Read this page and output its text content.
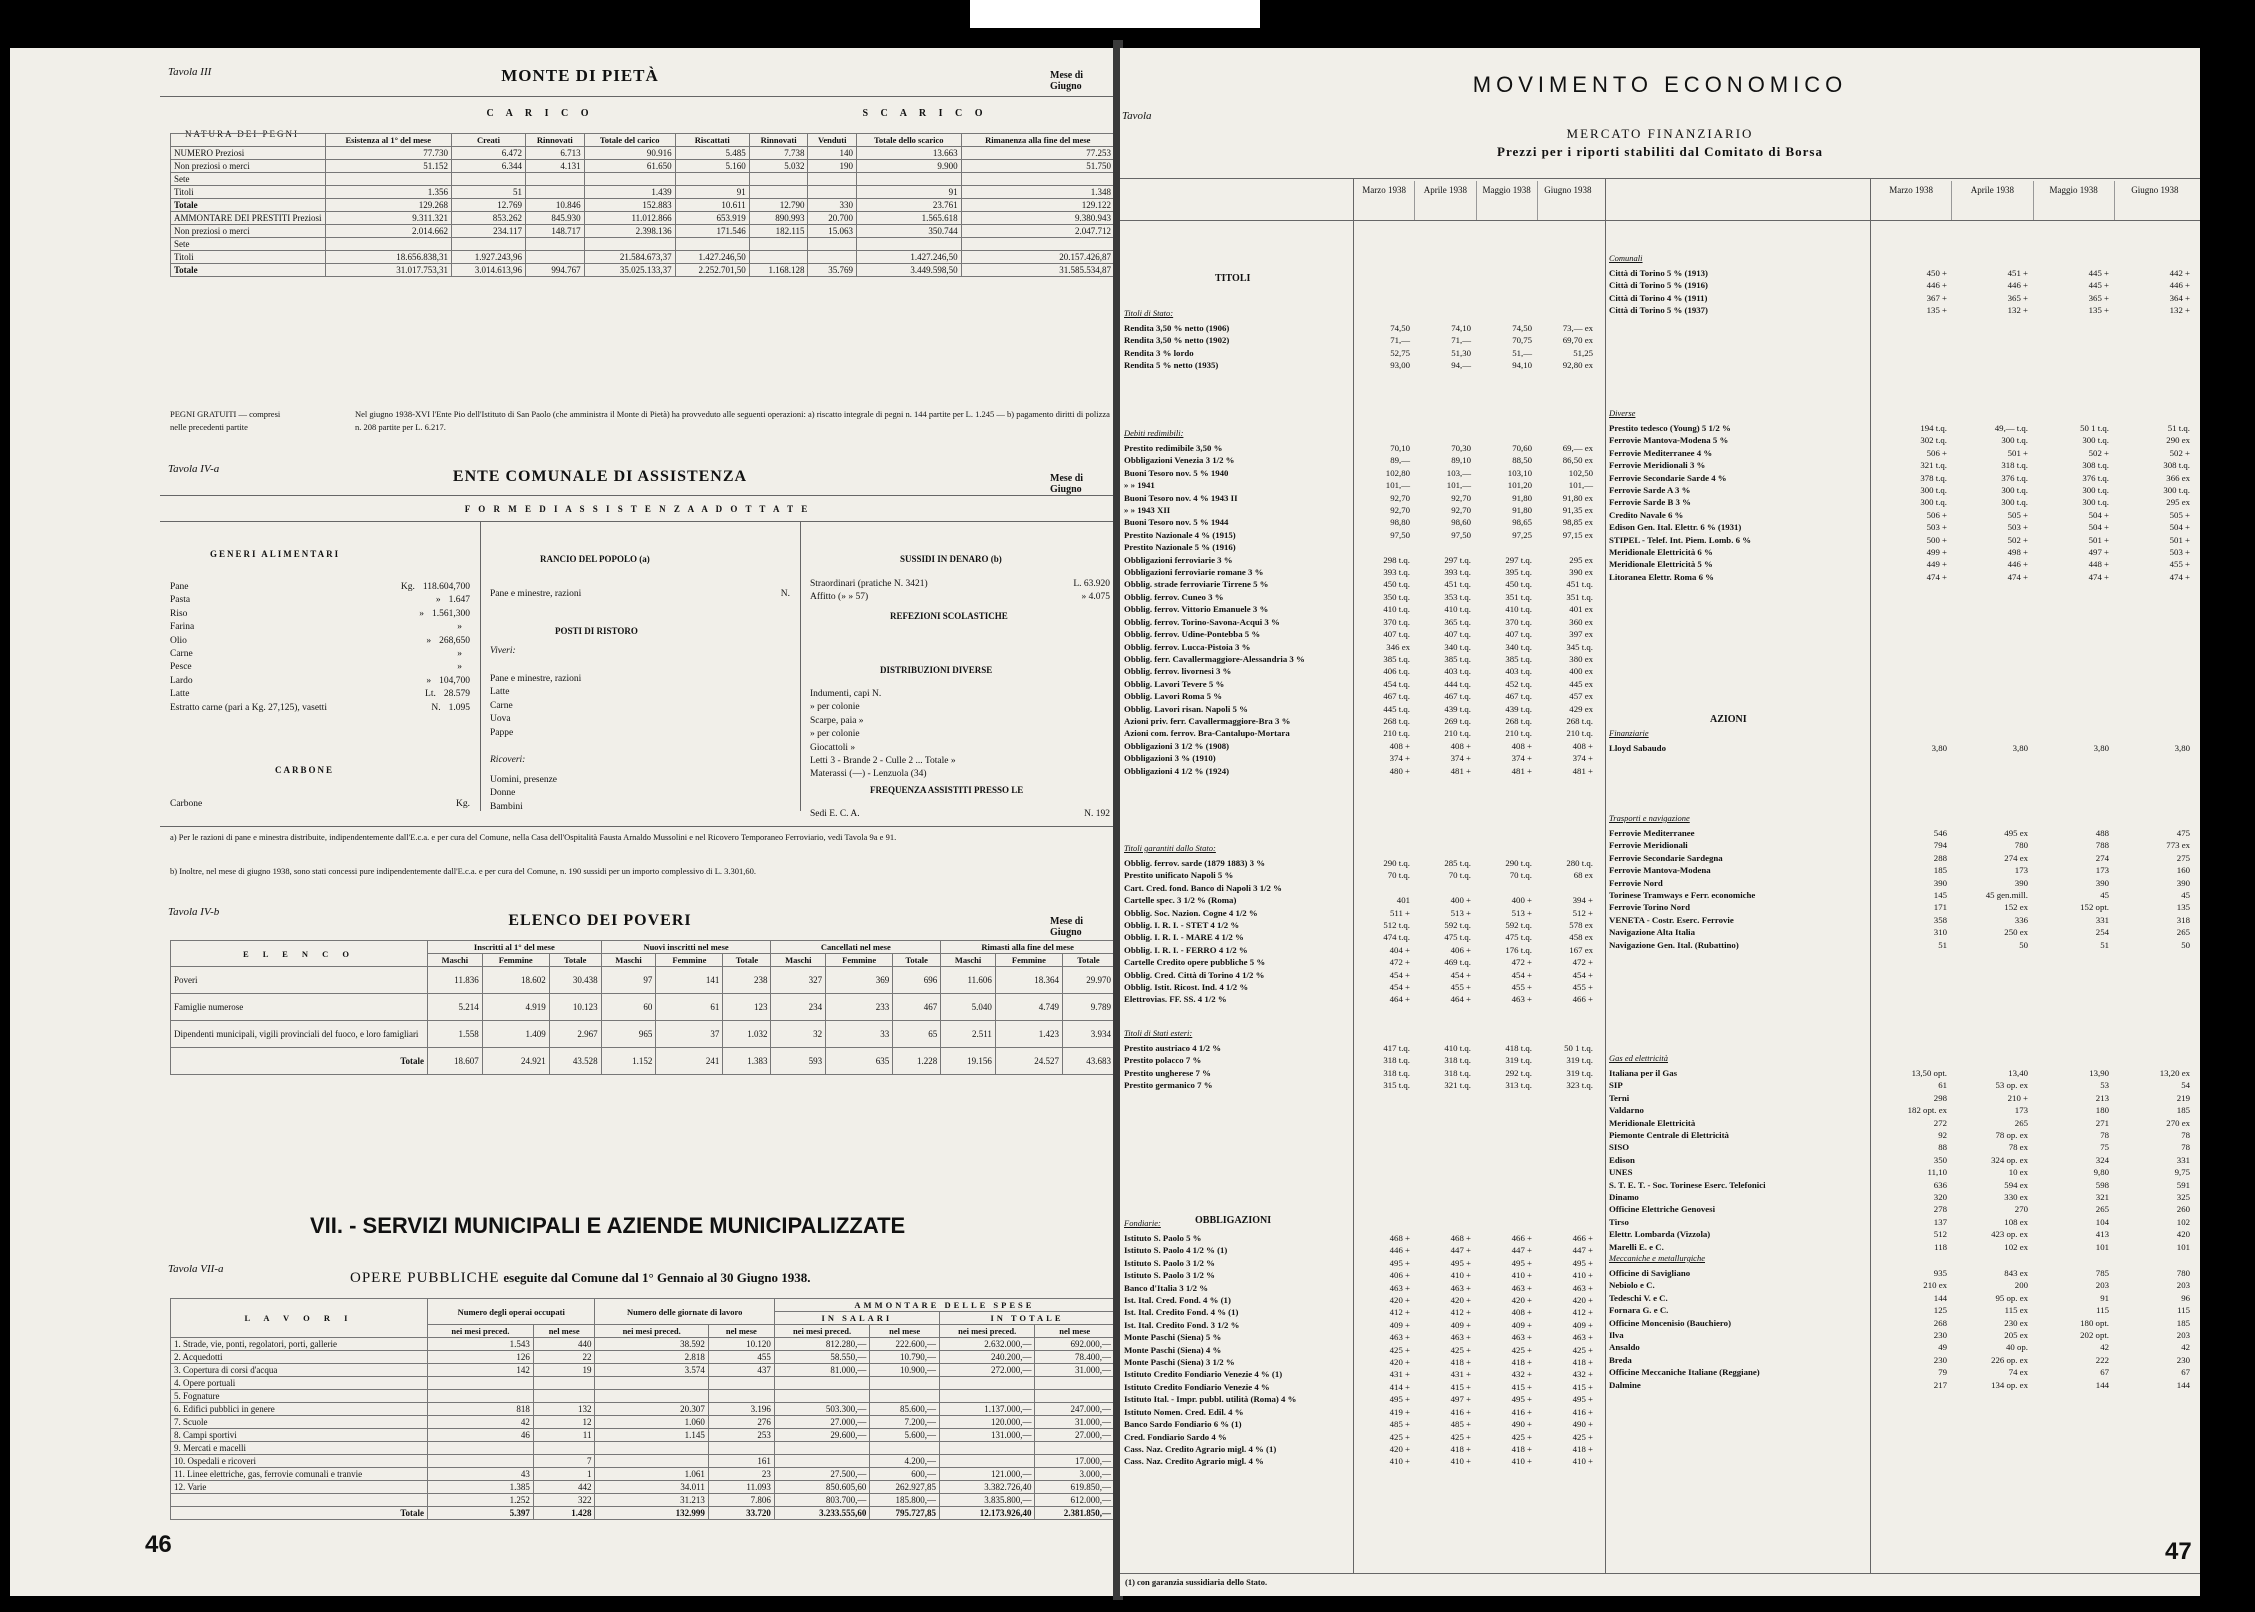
Tavola III	MONTE DI PIETÀ	Mese di Giugno
NATURA DEI PEGNI
C A R I C O	S C A R I C O
	Esistenza al 1° del mese	Creati	Rinnovati	Totale del carico	Riscattati	Rinnovati	Venduti	Totale dello scarico	Rimanenza alla fine del mese
NUMERO Preziosi	77.730	6.472	6.713	90.916	5.485	7.738	140	13.663	77.253
Non preziosi o merci	51.152	6.344	4.131	61.650	5.160	5.032	190	9.900	51.750
Sete									
Titoli	1.356	51		1.439	91			91	1.348
Totale	129.268	12.769	10.846	152.883	10.611	12.790	330	23.761	129.122
AMMONTARE DEI PRESTITI Preziosi	9.311.321	853.262	845.930	11.012.866	653.919	890.993	20.700	1.565.618	9.380.943
Non preziosi o merci	2.014.662	234.117	148.717	2.398.136	171.546	182.115	15.063	350.744	2.047.712
Sete									
Titoli	18.656.838,31	1.927.243,96		21.584.673,37	1.427.246,50			1.427.246,50	20.157.426,87
Totale	31.017.753,31	3.014.613,96	994.767	35.025.133,37	2.252.701,50	1.168.128	35.769	3.449.598,50	31.585.534,87
PEGNI GRATUITI — compresi nelle precedenti partite
Nel giugno 1938-XVI l'Ente Pio dell'Istituto di San Paolo (che amministra il Monte di Pietà) ha provveduto alle seguenti operazioni: a) riscatto integrale di pegni n. 144 partite per L. 1.245 — b) pagamento diritti di polizza n. 208 partite per L. 6.217.
Tavola IV-a	ENTE COMUNALE DI ASSISTENZA	Mese di Giugno
F O R M E D I A S S I S T E N Z A A D O T T A T E
GENERI ALIMENTARI
Pane	Kg. 118.604,700
Pasta	» 1.647
Riso	» 1.561,300
Farina	»
Olio	» 268,650
Carne	»
Pesce	»
Lardo	» 104,700
Latte	Lt. 28.579
Estratto carne (pari a Kg. 27,125), vasetti	N. 1.095
CARBONE
Carbone	Kg.
RANCIO DEL POPOLO (a)
Pane e minestre, razioni	N.
POSTI DI RISTORO
Viveri:
Pane e minestre, razioni
Latte
Carne
Uova
Pappe
Ricoveri:
Uomini, presenze
Donne
Bambini
SUSSIDI IN DENARO (b)
Straordinari (pratiche N. 3421)	L. 63.920
Affitto (» » 57)	» 4.075
REFEZIONI SCOLASTICHE
DISTRIBUZIONI DIVERSE
Indumenti, capi N.
» per colonie
Scarpe, paia »
» per colonie
Giocattoli »
Letti 3 - Brande 2 - Culle 2 ... Totale »
Materassi (—) - Lenzuola (34)
FREQUENZA ASSISTITI PRESSO LE
Sedi E. C. A.	N. 192
a) Per le razioni di pane e minestra distribuite, indipendentemente dall'E.c.a. e per cura del Comune, nella Casa dell'Ospitalità Fausta Arnaldo Mussolini e nel Ricovero Temporaneo Ferroviario, vedi Tavola 9a e 91.
b) Inoltre, nel mese di giugno 1938, sono stati concessi pure indipendentemente dall'E.c.a. e per cura del Comune, n. 190 sussidi per un importo complessivo di L. 3.301,60.
Tavola IV-b	ELENCO DEI POVERI	Mese di Giugno
E L E N C O	Inscritti al 1° del mese			Nuovi inscritti nel mese			Cancellati nel mese			Rimasti alla fine del mese		
	Maschi	Femmine	Totale	Maschi	Femmine	Totale	Maschi	Femmine	Totale	Maschi	Femmine	Totale
Poveri	11.836	18.602	30.438	97	141	238	327	369	696	11.606	18.364	29.970
Famiglie numerose	5.214	4.919	10.123	60	61	123	234	233	467	5.040	4.749	9.789
Dipendenti municipali, vigili provinciali del fuoco, e loro famigliari	1.558	1.409	2.967	965	37	1.032	32	33	65	2.511	1.423	3.934
Totale	18.607	24.921	43.528	1.152	241	1.383	593	635	1.228	19.156	24.527	43.683
VII. - SERVIZI MUNICIPALI E AZIENDE MUNICIPALIZZATE
Tavola VII-a
OPERE PUBBLICHE eseguite dal Comune dal 1° Gennaio al 30 Giugno 1938.
L A V O R I	Numero degli operai occupati		Numero delle giornate di lavoro		AMMONTARE DELLE SPESE			
					IN SALARI		IN TOTALE	
	nei mesi preced.	nel mese	nei mesi preced.	nel mese	nei mesi preced.	nel mese	nei mesi preced.	nel mese
1. Strade, vie, ponti, regolatori, porti, gallerie	1.543	440	38.592	10.120	812.280,—	222.600,—	2.632.000,—	692.000,—
2. Acquedotti	126	22	2.818	455	58.550,—	10.790,—	240.200,—	78.400,—
3. Copertura di corsi d'acqua	142	19	3.574	437	81.000,—	10.900,—	272.000,—	31.000,—
4. Opere portuali								
5. Fognature								
6. Edifici pubblici in genere	818	132	20.307	3.196	503.300,—	85.600,—	1.137.000,—	247.000,—
7. Scuole	42	12	1.060	276	27.000,—	7.200,—	120.000,—	31.000,—
8. Campi sportivi	46	11	1.145	253	29.600,—	5.600,—	131.000,—	27.000,—
9. Mercati e macelli								
10. Ospedali e ricoveri		7		161		4.200,—		17.000,—
11. Linee elettriche, gas, ferrovie comunali e tranvie	43	1	1.061	23	27.500,—	600,—	121.000,—	3.000,—
12. Varie	1.385	442	34.011	11.093	850.605,60	262.927,85	3.382.726,40	619.850,—
	1.252	322	31.213	7.806	803.700,—	185.800,—	3.835.800,—	612.000,—
Totale	5.397	1.428	132.999	33.720	3.233.555,60	795.727,85	12.173.926,40	2.381.850,—
46
Tavola
MOVIMENTO ECONOMICO
MERCATO FINANZIARIO
Prezzi per i riporti stabiliti dal Comitato di Borsa
Marzo 1938	Aprile 1938	Maggio 1938	Giugno 1938	Marzo 1938	Aprile 1938	Maggio 1938	Giugno 1938
TITOLI
OBBLIGAZIONI
AZIONI
Titoli di Stato:
Rendita 3,50 % netto (1906)	74,50	74,10	74,50	73,— ex
Rendita 3,50 % netto (1902)	71,—	71,—	70,75	69,70 ex
Rendita 3 % lordo	52,75	51,30	51,—	51,25
Rendita 5 % netto (1935)	93,00	94,—	94,10	92,80 ex
Debiti redimibili:
Prestito redimibile 3,50 %	70,10	70,30	70,60	69,— ex
Obbligazioni Venezia 3 1/2 %	89,—	89,10	88,50	86,50 ex
Buoni Tesoro nov. 5 % 1940	102,80	103,—	103,10	102,50
» » 1941	101,—	101,—	101,20	101,—
Buoni Tesoro nov. 4 % 1943 II	92,70	92,70	91,80	91,80 ex
» » 1943 XII	92,70	92,70	91,80	91,35 ex
Buoni Tesoro nov. 5 % 1944	98,80	98,60	98,65	98,85 ex
Prestito Nazionale 4 % (1915)	97,50	97,50	97,25	97,15 ex
Prestito Nazionale 5 % (1916)
Obbligazioni ferroviarie 3 %	298 t.q.	297 t.q.	297 t.q.	295 ex
Obbligazioni ferroviarie romane 3 %	393 t.q.	393 t.q.	395 t.q.	390 ex
Obblig. strade ferroviarie Tirrene 5 %	450 t.q.	451 t.q.	450 t.q.	451 t.q.
Obblig. ferrov. Cuneo 3 %	350 t.q.	353 t.q.	351 t.q.	351 t.q.
Obblig. ferrov. Vittorio Emanuele 3 %	410 t.q.	410 t.q.	410 t.q.	401 ex
Obblig. ferrov. Torino-Savona-Acqui 3 %	370 t.q.	365 t.q.	370 t.q.	360 ex
Obblig. ferrov. Udine-Pontebba 5 %	407 t.q.	407 t.q.	407 t.q.	397 ex
Obblig. ferrov. Lucca-Pistoia 3 %	346 ex	340 t.q.	340 t.q.	345 t.q.
Obblig. ferr. Cavallermaggiore-Alessandria 3 %	385 t.q.	385 t.q.	385 t.q.	380 ex
Obblig. ferrov. livornesi 3 %	406 t.q.	403 t.q.	403 t.q.	400 ex
Obblig. Lavori Tevere 5 %	454 t.q.	444 t.q.	452 t.q.	445 ex
Obblig. Lavori Roma 5 %	467 t.q.	467 t.q.	467 t.q.	457 ex
Obblig. Lavori risan. Napoli 5 %	445 t.q.	439 t.q.	439 t.q.	429 ex
Azioni priv. ferr. Cavallermaggiore-Bra 3 %	268 t.q.	269 t.q.	268 t.q.	268 t.q.
Azioni com. ferrov. Bra-Cantalupo-Mortara	210 t.q.	210 t.q.	210 t.q.	210 t.q.
Obbligazioni 3 1/2 % (1908)	408 +	408 +	408 +	408 +
Obbligazioni 3 % (1910)	374 +	374 +	374 +	374 +
Obbligazioni 4 1/2 % (1924)	480 +	481 +	481 +	481 +
Titoli garantiti dallo Stato:
Obblig. ferrov. sarde (1879 1883) 3 %	290 t.q.	285 t.q.	290 t.q.	280 t.q.
Prestito unificato Napoli 5 %	70 t.q.	70 t.q.	70 t.q.	68 ex
Cart. Cred. fond. Banco di Napoli 3 1/2 %
Cartelle spec. 3 1/2 % (Roma)	401	400 +	400 +	394 +
Obblig. Soc. Nazion. Cogne 4 1/2 %	511 +	513 +	513 +	512 +
Obblig. I. R. I. - STET 4 1/2 %	512 t.q.	592 t.q.	592 t.q.	578 ex
Obblig. I. R. I. - MARE 4 1/2 %	474 t.q.	475 t.q.	475 t.q.	458 ex
Obblig. I. R. I. - FERRO 4 1/2 %	404 +	406 +	176 t.q.	167 ex
Cartelle Credito opere pubbliche 5 %	472 +	469 t.q.	472 +	472 +
Obblig. Cred. Città di Torino 4 1/2 %	454 +	454 +	454 +	454 +
Obblig. Istit. Ricost. Ind. 4 1/2 %	454 +	455 +	455 +	455 +
Elettrovias. FF. SS. 4 1/2 %	464 +	464 +	463 +	466 +
Titoli di Stati esteri:
Prestito austriaco 4 1/2 %	417 t.q.	410 t.q.	418 t.q.	50 1 t.q.
Prestito polacco 7 %	318 t.q.	318 t.q.	319 t.q.	319 t.q.
Prestito ungherese 7 %	318 t.q.	318 t.q.	292 t.q.	319 t.q.
Prestito germanico 7 %	315 t.q.	321 t.q.	313 t.q.	323 t.q.
Fondiarie:
Istituto S. Paolo 5 %	468 +	468 +	466 +	466 +
Istituto S. Paolo 4 1/2 % (1)	446 +	447 +	447 +	447 +
Istituto S. Paolo 3 1/2 %	495 +	495 +	495 +	495 +
Istituto S. Paolo 3 1/2 %	406 +	410 +	410 +	410 +
Banco d'Italia 3 1/2 %	463 +	463 +	463 +	463 +
Ist. Ital. Cred. Fond. 4 % (1)	420 +	420 +	420 +	420 +
Ist. Ital. Credito Fond. 4 % (1)	412 +	412 +	408 +	412 +
Ist. Ital. Credito Fond. 3 1/2 %	409 +	409 +	409 +	409 +
Monte Paschi (Siena) 5 %	463 +	463 +	463 +	463 +
Monte Paschi (Siena) 4 %	425 +	425 +	425 +	425 +
Monte Paschi (Siena) 3 1/2 %	420 +	418 +	418 +	418 +
Istituto Credito Fondiario Venezie 4 % (1)	431 +	431 +	432 +	432 +
Istituto Credito Fondiario Venezie 4 %	414 +	415 +	415 +	415 +
Istituto Ital. - Impr. pubbl. utilità (Roma) 4 %	495 +	497 +	495 +	495 +
Istituto Nomen. Cred. Edil. 4 %	419 +	416 +	416 +	416 +
Banco Sardo Fondiario 6 % (1)	485 +	485 +	490 +	490 +
Cred. Fondiario Sardo 4 %	425 +	425 +	425 +	425 +
Cass. Naz. Credito Agrario migl. 4 % (1)	420 +	418 +	418 +	418 +
Cass. Naz. Credito Agrario migl. 4 %	410 +	410 +	410 +	410 +
Comunali
Città di Torino 5 % (1913)	450 +	451 +	445 +	442 +
Città di Torino 5 % (1916)	446 +	446 +	445 +	446 +
Città di Torino 4 % (1911)	367 +	365 +	365 +	364 +
Città di Torino 5 % (1937)	135 +	132 +	135 +	132 +
Diverse
Prestito tedesco (Young) 5 1/2 %	194 t.q.	49,— t.q.	50 1 t.q.	51 t.q.
Ferrovie Mantova-Modena 5 %	302 t.q.	300 t.q.	300 t.q.	290 ex
Ferrovie Mediterranee 4 %	506 +	501 +	502 +	502 +
Ferrovie Meridionali 3 %	321 t.q.	318 t.q.	308 t.q.	308 t.q.
Ferrovie Secondarie Sarde 4 %	378 t.q.	376 t.q.	376 t.q.	366 ex
Ferrovie Sarde A 3 %	300 t.q.	300 t.q.	300 t.q.	300 t.q.
Ferrovie Sarde B 3 %	300 t.q.	300 t.q.	300 t.q.	295 ex
Credito Navale 6 %	506 +	505 +	504 +	505 +
Edison Gen. Ital. Elettr. 6 % (1931)	503 +	503 +	504 +	504 +
STIPEL - Telef. Int. Piem. Lomb. 6 %	500 +	502 +	501 +	501 +
Meridionale Elettricità 6 %	499 +	498 +	497 +	503 +
Meridionale Elettricità 5 %	449 +	446 +	448 +	455 +
Litoranea Elettr. Roma 6 %	474 +	474 +	474 +	474 +
Finanziarie
Lloyd Sabaudo	3,80	3,80	3,80	3,80
Trasporti e navigazione
Ferrovie Mediterranee	546	495 ex	488	475
Ferrovie Meridionali	794	780	788	773 ex
Ferrovie Secondarie Sardegna	288	274 ex	274	275
Ferrovie Mantova-Modena	185	173	173	160
Ferrovie Nord	390	390	390	390
Torinese Tramways e Ferr. economiche	145	45 gen.mill.	45	45
Ferrovie Torino Nord	171	152 ex	152 opt.	135
VENETA - Costr. Eserc. Ferrovie	358	336	331	318
Navigazione Alta Italia	310	250 ex	254	265
Navigazione Gen. Ital. (Rubattino)	51	50	51	50
Gas ed elettricità
Italiana per il Gas	13,50 opt.	13,40	13,90	13,20 ex
SIP	61	53 op. ex	53	54
Terni	298	210 +	213	219
Valdarno	182 opt. ex	173	180	185
Meridionale Elettricità	272	265	271	270 ex
Piemonte Centrale di Elettricità	92	78 op. ex	78	78
SISO	88	78 ex	75	78
Edison	350	324 op. ex	324	331
UNES	11,10	10 ex	9,80	9,75
S. T. E. T. - Soc. Torinese Eserc. Telefonici	636	594 ex	598	591
Dinamo	320	330 ex	321	325
Officine Elettriche Genovesi	278	270	265	260
Tirso	137	108 ex	104	102
Elettr. Lombarda (Vizzola)	512	423 op. ex	413	420
Marelli E. e C.	118	102 ex	101	101
Meccaniche e metallurgiche
Officine di Savigliano	935	843 ex	785	780
Nebiolo e C.	210 ex	200	203	203
Tedeschi V. e C.	144	95 op. ex	91	96
Fornara G. e C.	125	115 ex	115	115
Officine Moncenisio (Bauchiero)	268	230 ex	180 opt.	185
Ilva	230	205 ex	202 opt.	203
Ansaldo	49	40 op.	42	42
Breda	230	226 op. ex	222	230
Officine Meccaniche Italiane (Reggiane)	79	74 ex	67	67
Dalmine	217	134 op. ex	144	144
(1) con garanzia sussidiaria dello Stato.
47
